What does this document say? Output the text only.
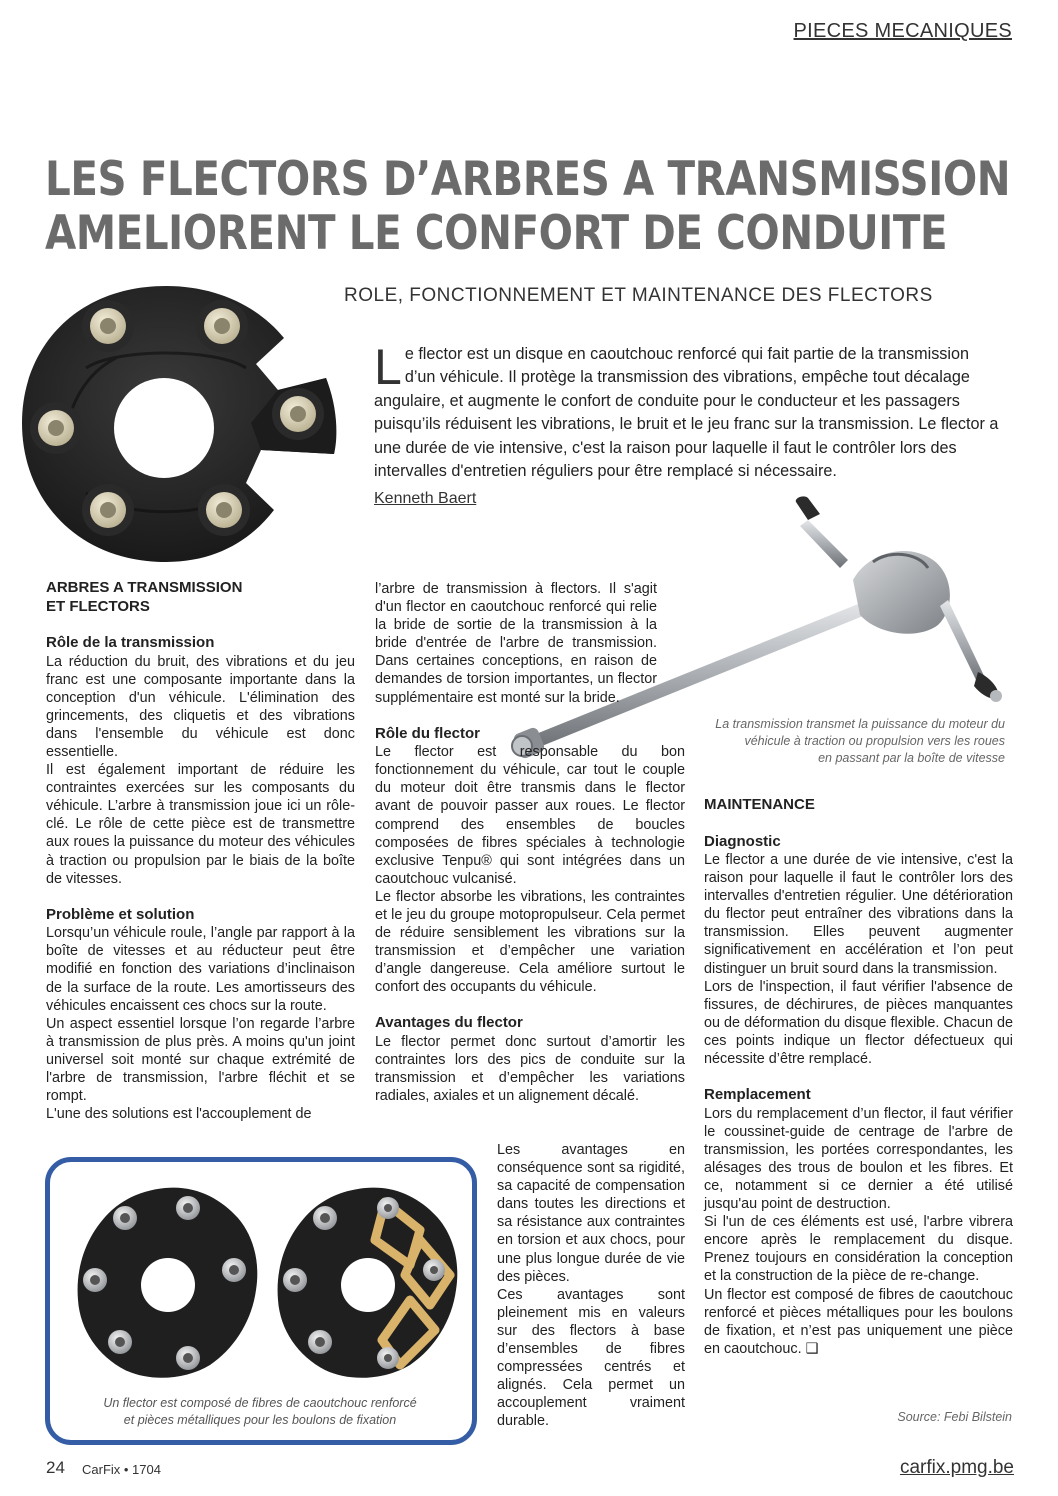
PIECES MECANIQUES
LES FLECTORS D’ARBRES A TRANSMISSION
AMELIORENT LE CONFORT DE CONDUITE
ROLE, FONCTIONNEMENT ET MAINTENANCE DES FLECTORS
L e flector est un disque en caoutchouc renforcé qui fait partie de la transmission d’un véhicule. Il protège la transmission des vibrations, empêche tout décalage angulaire, et augmente le confort de conduite pour le conducteur et les passagers puisqu’ils réduisent les vibrations, le bruit et le jeu franc sur la transmission. Le flector a une durée de vie intensive, c'est la raison pour laquelle il faut le contrôler lors des intervalles d'entretien réguliers pour être remplacé si nécessaire.
Kenneth Baert
La transmission transmet la puissance du moteur du
véhicule à traction ou propulsion vers les roues
en passant par la boîte de vitesse
ARBRES A TRANSMISSION
ET FLECTORS
Rôle de la transmission

La réduction du bruit, des vibrations et du jeu franc est une composante importante dans la conception d'un véhicule. L'élimination des grincements, des cliquetis et des vibrations dans l'ensemble du véhicule est donc essentielle.

Il est également important de réduire les contraintes exercées sur les composants du véhicule. L’arbre à transmission joue ici un rôle-clé. Le rôle de cette pièce est de transmettre aux roues la puissance du moteur des véhicules à traction ou propulsion par le biais de la boîte de vitesses.

Problème et solution

Lorsqu’un véhicule roule, l’angle par rapport à la boîte de vitesses et au réducteur peut être modifié en fonction des variations d’inclinaison de la surface de la route. Les amortisseurs des véhicules encaissent ces chocs sur la route.

Un aspect essentiel lorsque l’on regarde l’arbre à transmission de plus près. A moins qu'un joint universel soit monté sur chaque extrémité de l'arbre de transmission, l'arbre fléchit et se rompt.

L'une des solutions est l'accouplement de

l’arbre de transmission à flectors. Il s'agit d'un flector en caoutchouc renforcé qui relie la bride de sortie de la transmission à la bride d'entrée de l'arbre de transmission. Dans certaines conceptions, en raison de demandes de torsion importantes, un flector supplémentaire est monté sur la bride.

Rôle du flector

Le flector est responsable du bon fonctionnement du véhicule, car tout le couple du moteur doit être transmis dans le flector avant de pouvoir passer aux roues. Le flector comprend des ensembles de boucles composées de fibres spéciales à technologie exclusive Tenpu® qui sont intégrées dans un caoutchouc vulcanisé.

Le flector absorbe les vibrations, les contraintes et le jeu du groupe motopropulseur. Cela permet de réduire sensiblement les vibrations sur la transmission et d’empêcher une variation d’angle dangereuse. Cela améliore surtout le confort des occupants du véhicule.

Avantages du flector

Le flector permet donc surtout d’amortir les contraintes lors des pics de conduite sur la transmission et d’empêcher les variations radiales, axiales et un alignement décalé.

Les avantages en conséquence sont sa rigidité, sa capacité de compensation dans toutes les directions et sa résistance aux contraintes en torsion et aux chocs, pour une plus longue durée de vie des pièces.

Ces avantages sont pleinement mis en valeurs sur des flectors à base d’ensembles de fibres compressées centrés et alignés. Cela permet un accouplement vraiment durable.

MAINTENANCE
Diagnostic

Le flector a une durée de vie intensive, c'est la raison pour laquelle il faut le contrôler lors des intervalles d'entretien régulier. Une détérioration du flector peut entraîner des vibrations dans la transmission. Elles peuvent augmenter significativement en accélération et l’on peut distinguer un bruit sourd dans la transmission.

Lors de l'inspection, il faut vérifier l'absence de fissures, de déchirures, de pièces manquantes ou de déformation du disque flexible. Chacun de ces points indique un flector défectueux qui nécessite d’être remplacé.

Remplacement

Lors du remplacement d’un flector, il faut vérifier le coussinet-guide de centrage de l'arbre de transmission, les portées correspondantes, les alésages des trous de boulon et les fibres. Et ce, notamment si ce dernier a été utilisé jusqu'au point de destruction.

Si l'un de ces éléments est usé, l'arbre vibrera encore après le remplacement du disque. Prenez toujours en considération la conception et la construction de la pièce de re-change.

Un flector est composé de fibres de caoutchouc renforcé et pièces métalliques pour les boulons de fixation, et n’est pas uniquement une pièce en caoutchouc. ❑

Source: Febi Bilstein
Un flector est composé de fibres de caoutchouc renforcé
et pièces métalliques pour les boulons de fixation
24 CarFix • 1704	carfix.pmg.be
